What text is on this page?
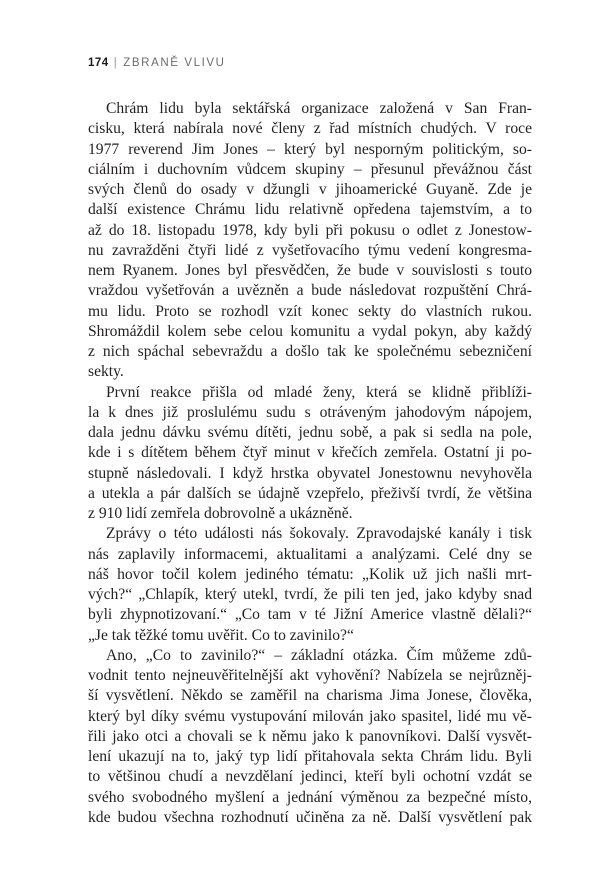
174 | ZBRANĚ VLIVU
Chrám lidu byla sektářská organizace založená v San Fran-
cisku, která nabírala nové členy z řad místních chudých. V roce
1977 reverend Jim Jones – který byl nesporným politickým, so-
ciálním i duchovním vůdcem skupiny – přesunul převážnou část
svých členů do osady v džungli v jihoamerické Guyaně. Zde je
další existence Chrámu lidu relativně opředena tajemstvím, a to
až do 18. listopadu 1978, kdy byli při pokusu o odlet z Jonestow-
nu zavražděni čtyři lidé z vyšetřovacího týmu vedení kongresma-
nem Ryanem. Jones byl přesvědčen, že bude v souvislosti s touto
vraždou vyšetřován a uvězněn a bude následovat rozpuštění Chrá-
mu lidu. Proto se rozhodl vzít konec sekty do vlastních rukou.
Shromáždil kolem sebe celou komunitu a vydal pokyn, aby každý
z nich spáchal sebevraždu a došlo tak ke společnému sebezničení
sekty.
První reakce přišla od mladé ženy, která se klidně přiblíži-
la k dnes již proslulému sudu s otráveným jahodovým nápojem,
dala jednu dávku svému dítěti, jednu sobě, a pak si sedla na pole,
kde i s dítětem během čtyř minut v křečích zemřela. Ostatní ji po-
stupně následovali. I když hrstka obyvatel Jonestownu nevyhověla
a utekla a pár dalších se údajně vzepřelo, přeživší tvrdí, že většina
z 910 lidí zemřela dobrovolně a ukázněně.
Zprávy o této události nás šokovaly. Zpravodajské kanály i tisk
nás zaplavily informacemi, aktualitami a analýzami. Celé dny se
náš hovor točil kolem jediného tématu: „Kolik už jich našli mrt-
vých?“ „Chlapík, který utekl, tvrdí, že pili ten jed, jako kdyby snad
byli zhypnotizovaní.“ „Co tam v té Jižní Americe vlastně dělali?“
„Je tak těžké tomu uvěřit. Co to zavinilo?“
Ano, „Co to zavinilo?“ – základní otázka. Čím můžeme zdů-
vodnit tento nejneuvěřitelnější akt vyhovění? Nabízela se nejrůzněj-
ší vysvětlení. Někdo se zaměřil na charisma Jima Jonese, člověka,
který byl díky svému vystupování milován jako spasitel, lidé mu vě-
řili jako otci a chovali se k němu jako k panovníkovi. Další vysvět-
lení ukazují na to, jaký typ lidí přitahovala sekta Chrám lidu. Byli
to většinou chudí a nevzdělaní jedinci, kteří byli ochotní vzdát se
svého svobodného myšlení a jednání výměnou za bezpečné místo,
kde budou všechna rozhodnutí učiněna za ně. Další vysvětlení pak
